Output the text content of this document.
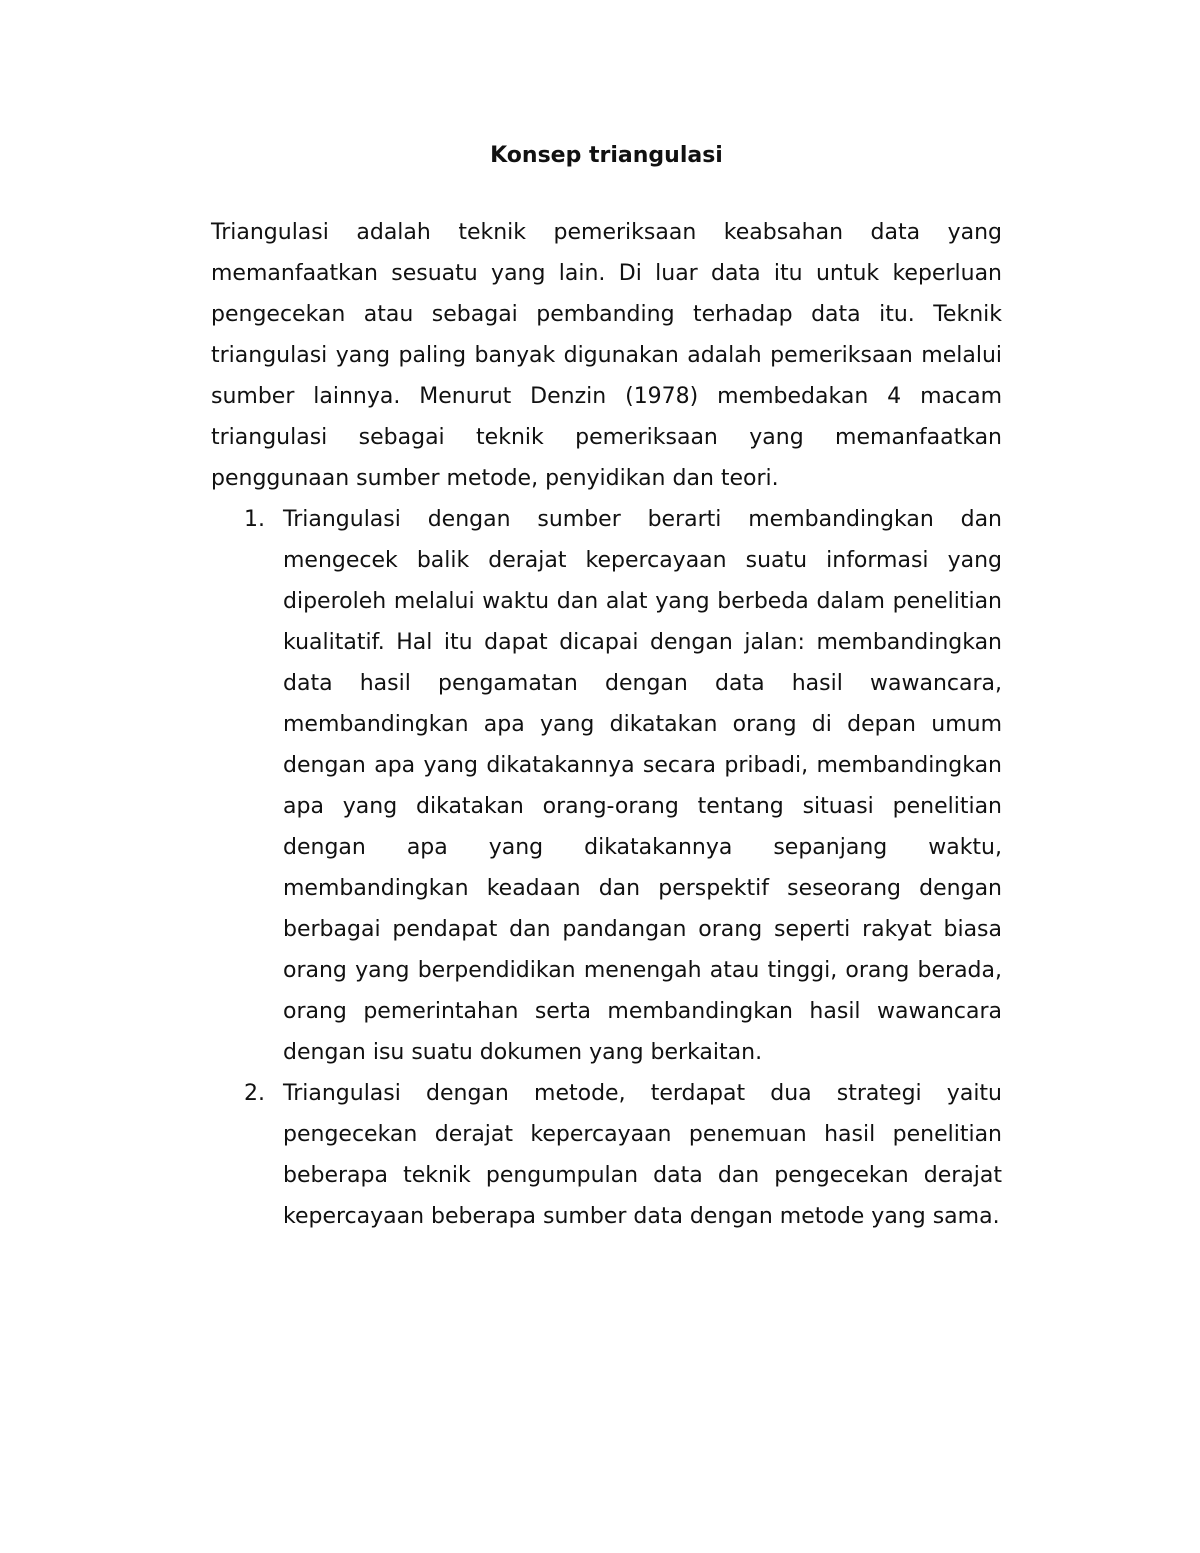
Konsep triangulasi

Triangulasi adalah teknik pemeriksaan keabsahan data yang memanfaatkan sesuatu yang lain. Di luar data itu untuk keperluan pengecekan atau sebagai pembanding terhadap data itu. Teknik triangulasi yang paling banyak digunakan adalah pemeriksaan melalui sumber lainnya. Menurut Denzin (1978) membedakan 4 macam triangulasi sebagai teknik pemeriksaan yang memanfaatkan penggunaan sumber metode, penyidikan dan teori.

1. Triangulasi dengan sumber berarti membandingkan dan mengecek balik derajat kepercayaan suatu informasi yang diperoleh melalui waktu dan alat yang berbeda dalam penelitian kualitatif. Hal itu dapat dicapai dengan jalan: membandingkan data hasil pengamatan dengan data hasil wawancara, membandingkan apa yang dikatakan orang di depan umum dengan apa yang dikatakannya secara pribadi, membandingkan apa yang dikatakan orang-orang tentang situasi penelitian dengan apa yang dikatakannya sepanjang waktu, membandingkan keadaan dan perspektif seseorang dengan berbagai pendapat dan pandangan orang seperti rakyat biasa orang yang berpendidikan menengah atau tinggi, orang berada, orang pemerintahan serta membandingkan hasil wawancara dengan isu suatu dokumen yang berkaitan.
2. Triangulasi dengan metode, terdapat dua strategi yaitu pengecekan derajat kepercayaan penemuan hasil penelitian beberapa teknik pengumpulan data dan pengecekan derajat kepercayaan beberapa sumber data dengan metode yang sama.
